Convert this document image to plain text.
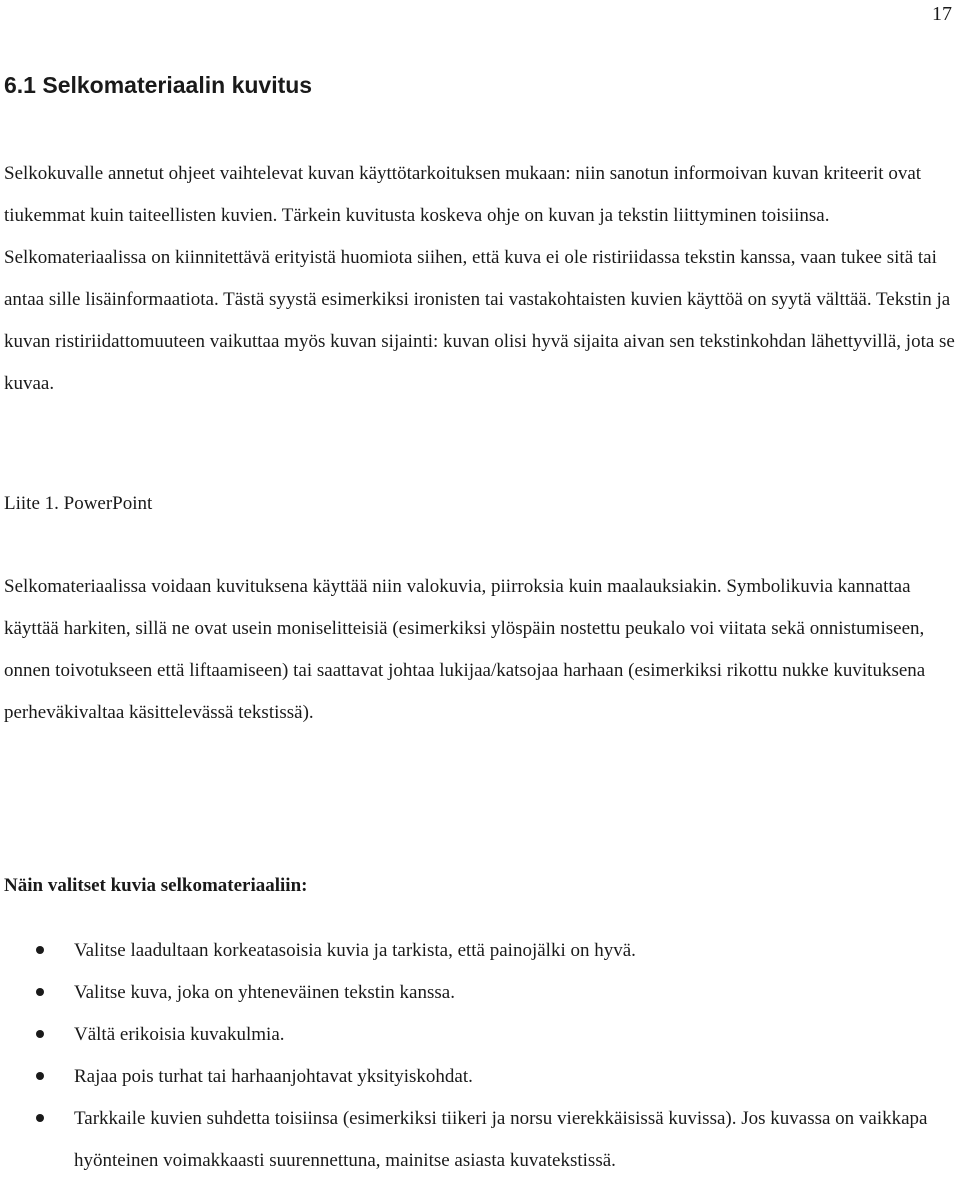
17
6.1 Selkomateriaalin kuvitus

Selkokuvalle annetut ohjeet vaihtelevat kuvan käyttötarkoituksen mukaan: niin sanotun informoivan kuvan kriteerit ovat tiukemmat kuin taiteellisten kuvien. Tärkein kuvitusta koskeva ohje on kuvan ja tekstin liittyminen toisiinsa. Selkomateriaalissa on kiinnitettävä erityistä huomiota siihen, että kuva ei ole ristiriidassa tekstin kanssa, vaan tukee sitä tai antaa sille lisäinformaatiota. Tästä syystä esimerkiksi ironisten tai vastakohtaisten kuvien käyttöä on syytä välttää. Tekstin ja kuvan ristiriidattomuuteen vaikuttaa myös kuvan sijainti: kuvan olisi hyvä sijaita aivan sen tekstinkohdan lähettyvillä, jota se kuvaa.

Liite 1. PowerPoint

Selkomateriaalissa voidaan kuvituksena käyttää niin valokuvia, piirroksia kuin maalauksiakin. Symbolikuvia kannattaa käyttää harkiten, sillä ne ovat usein moniselitteisiä (esimerkiksi ylöspäin nostettu peukalo voi viitata sekä onnistumiseen, onnen toivotukseen että liftaamiseen) tai saattavat johtaa lukijaa/katsojaa harhaan (esimerkiksi rikottu nukke kuvituksena perheväkivaltaa käsittelevässä tekstissä).

Näin valitset kuvia selkomateriaaliin:

Valitse laadultaan korkeatasoisia kuvia ja tarkista, että painojälki on hyvä.
Valitse kuva, joka on yhteneväinen tekstin kanssa.
Vältä erikoisia kuvakulmia.
Rajaa pois turhat tai harhaanjohtavat yksityiskohdat.
Tarkkaile kuvien suhdetta toisiinsa (esimerkiksi tiikeri ja norsu vierekkäisissä kuvissa). Jos kuvassa on vaikkapa hyönteinen voimakkaasti suurennettuna, mainitse asiasta kuvatekstissä.
